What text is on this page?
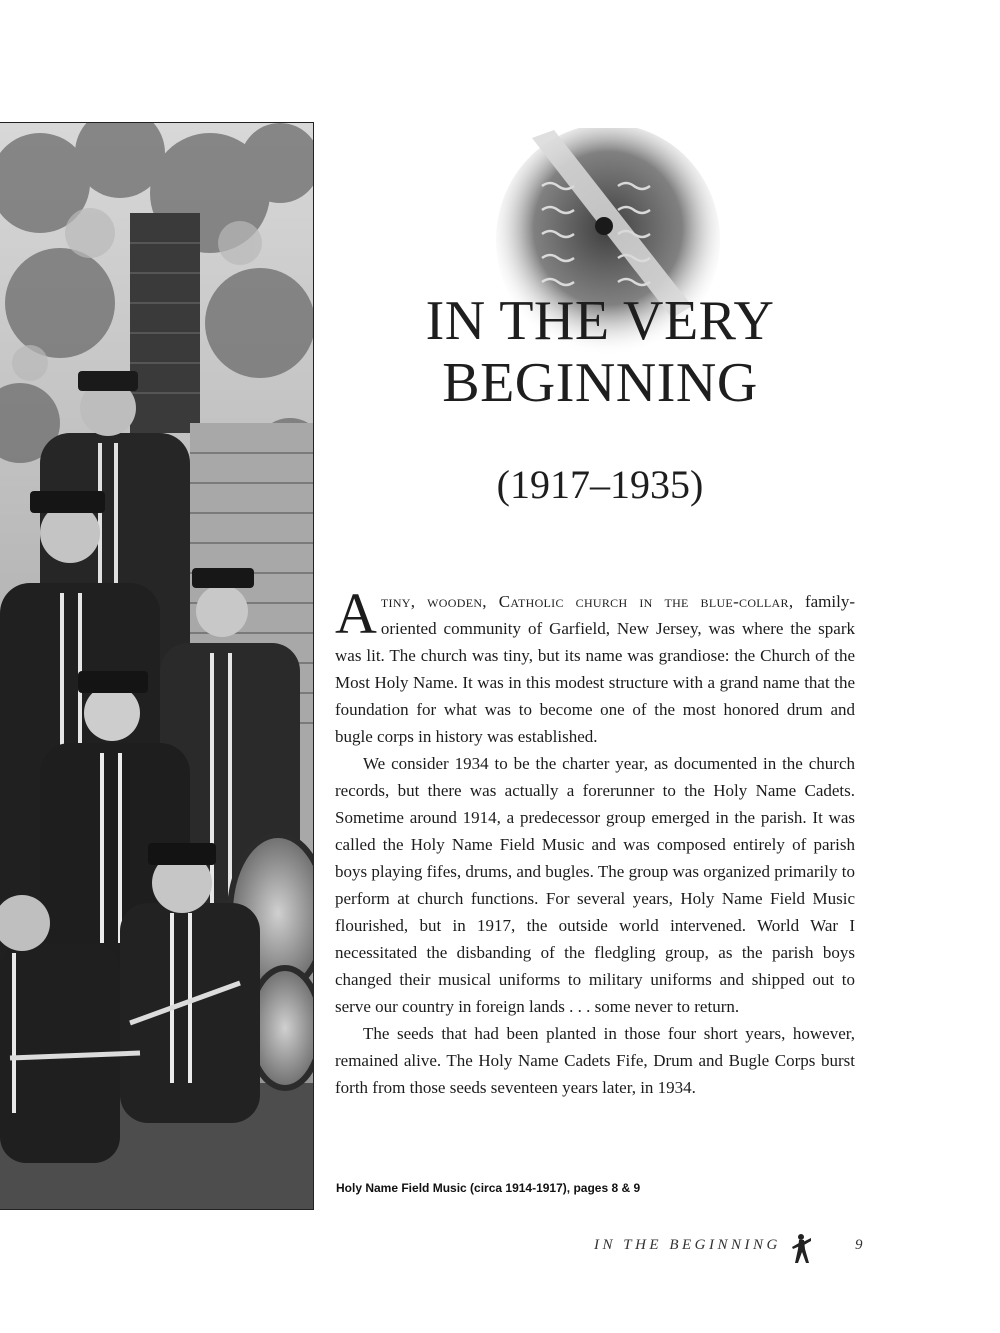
IN THE VERY
BEGINNING
(1917–1935)

A tiny, wooden, Catholic church in the blue-collar, family-oriented community of Garfield, New Jersey, was where the spark was lit. The church was tiny, but its name was grandiose: the Church of the Most Holy Name. It was in this modest structure with a grand name that the foundation for what was to become one of the most honored drum and bugle corps in history was established.

We consider 1934 to be the charter year, as documented in the church records, but there was actually a forerunner to the Holy Name Cadets. Sometime around 1914, a predecessor group emerged in the parish. It was called the Holy Name Field Music and was composed entirely of parish boys playing fifes, drums, and bugles. The group was organized primarily to perform at church functions. For several years, Holy Name Field Music flourished, but in 1917, the outside world intervened. World War I necessitated the disbanding of the fledgling group, as the parish boys changed their musical uniforms to military uniforms and shipped out to serve our country in foreign lands . . . some never to return.

The seeds that had been planted in those four short years, however, remained alive. The Holy Name Cadets Fife, Drum and Bugle Corps burst forth from those seeds seventeen years later, in 1934.

Holy Name Field Music (circa 1914-1917), pages 8 & 9
IN THE BEGINNING	9
